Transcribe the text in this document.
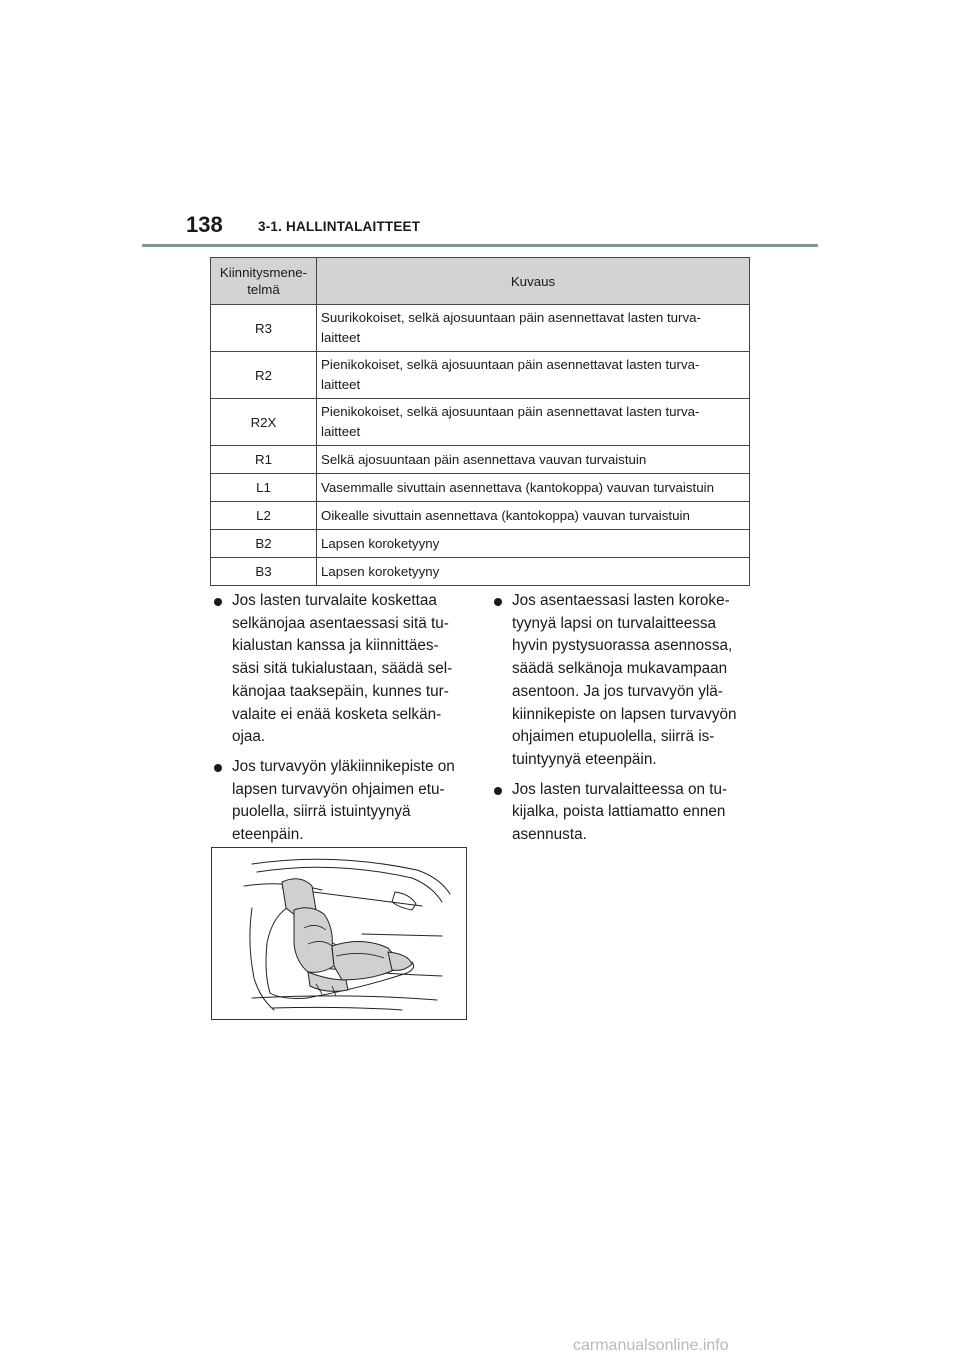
138	3-1. HALLINTALAITTEET
Kiinnitysmene-
telmä	Kuvaus
R3	Suurikokoiset, selkä ajosuuntaan päin asennettavat lasten turva-
laitteet

R2	Pienikokoiset, selkä ajosuuntaan päin asennettavat lasten turva-
laitteet

R2X	Pienikokoiset, selkä ajosuuntaan päin asennettavat lasten turva-
laitteet

R1	Selkä ajosuuntaan päin asennettava vauvan turvaistuin
L1	Vasemmalle sivuttain asennettava (kantokoppa) vauvan turvaistuin
L2	Oikealle sivuttain asennettava (kantokoppa) vauvan turvaistuin
B2	Lapsen koroketyyny
B3	Lapsen koroketyyny
Jos lasten turvalaite koskettaa
selkänojaa asentaessasi sitä tu-
kialustan kanssa ja kiinnittäes-
säsi sitä tukialustaan, säädä sel-
känojaa taaksepäin, kunnes tur-
valaite ei enää kosketa selkän-
ojaa.
Jos turvavyön yläkiinnikepiste on
lapsen turvavyön ohjaimen etu-
puolella, siirrä istuintyynyä
eteenpäin.
Jos asentaessasi lasten koroke-
tyynyä lapsi on turvalaitteessa
hyvin pystysuorassa asennossa,
säädä selkänoja mukavampaan
asentoon. Ja jos turvavyön ylä-
kiinnikepiste on lapsen turvavyön
ohjaimen etupuolella, siirrä is-
tuintyynyä eteenpäin.
Jos lasten turvalaitteessa on tu-
kijalka, poista lattiamatto ennen
asennusta.
carmanualsonline.info
